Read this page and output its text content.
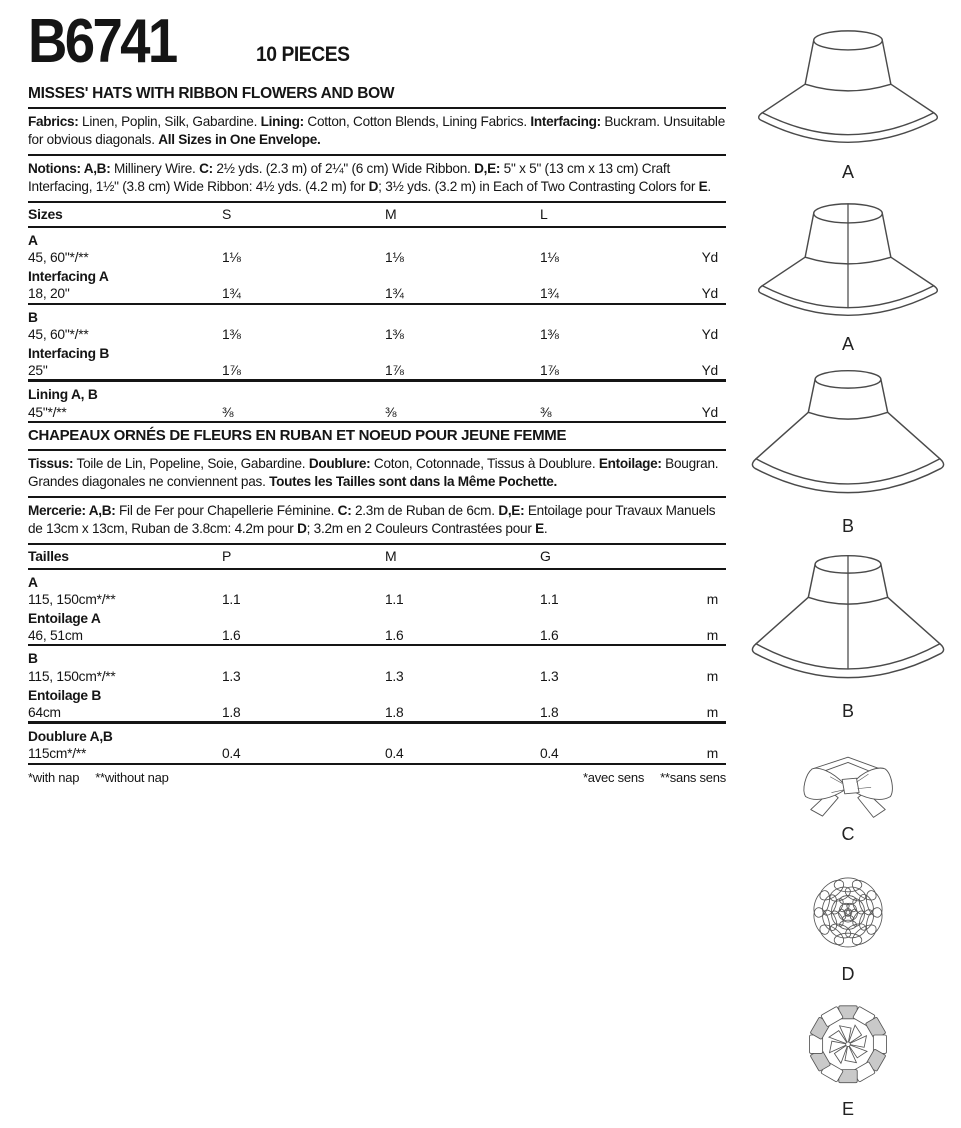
B6741	10 PIECES
MISSES' HATS WITH RIBBON FLOWERS AND BOW

Fabrics: Linen, Poplin, Silk, Gabardine. Lining: Cotton, Cotton Blends, Lining Fabrics. Interfacing: Buckram. Unsuitable for obvious diagonals. All Sizes in One Envelope.

Notions: A,B: Millinery Wire. C: 2½ yds. (2.3 m) of 2¼" (6 cm) Wide Ribbon. D,E: 5" x 5" (13 cm x 13 cm) Craft Interfacing, 1½" (3.8 cm) Wide Ribbon: 4½ yds. (4.2 m) for D; 3½ yds. (3.2 m) in Each of Two Contrasting Colors for E.

Sizes	S	M	L	
A				
45, 60"*/**	1⅛	1⅛	1⅛	Yd
Interfacing A				
18, 20"	1¾	1¾	1¾	Yd
B				
45, 60"*/**	1⅜	1⅜	1⅜	Yd
Interfacing B				
25"	1⅞	1⅞	1⅞	Yd
Lining A, B				
45"*/**	⅜	⅜	⅜	Yd
CHAPEAUX ORNÉS DE FLEURS EN RUBAN ET NOEUD POUR JEUNE FEMME

Tissus: Toile de Lin, Popeline, Soie, Gabardine. Doublure: Coton, Cotonnade, Tissus à Doublure. Entoilage: Bougran. Grandes diagonales ne conviennent pas. Toutes les Tailles sont dans la Même Pochette.

Mercerie: A,B: Fil de Fer pour Chapellerie Féminine. C: 2.3m de Ruban de 6cm. D,E: Entoilage pour Travaux Manuels de 13cm x 13cm, Ruban de 3.8cm: 4.2m pour D; 3.2m en 2 Couleurs Contrastées pour E.

Tailles	P	M	G	
A				
115, 150cm*/**	1.1	1.1	1.1	m
Entoilage A				
46, 51cm	1.6	1.6	1.6	m
B				
115, 150cm*/**	1.3	1.3	1.3	m
Entoilage B				
64cm	1.8	1.8	1.8	m
Doublure A,B				
115cm*/**	0.4	0.4	0.4	m
*with nap **without nap	*avec sens **sans sens
A
A
B
B
C
D
E
